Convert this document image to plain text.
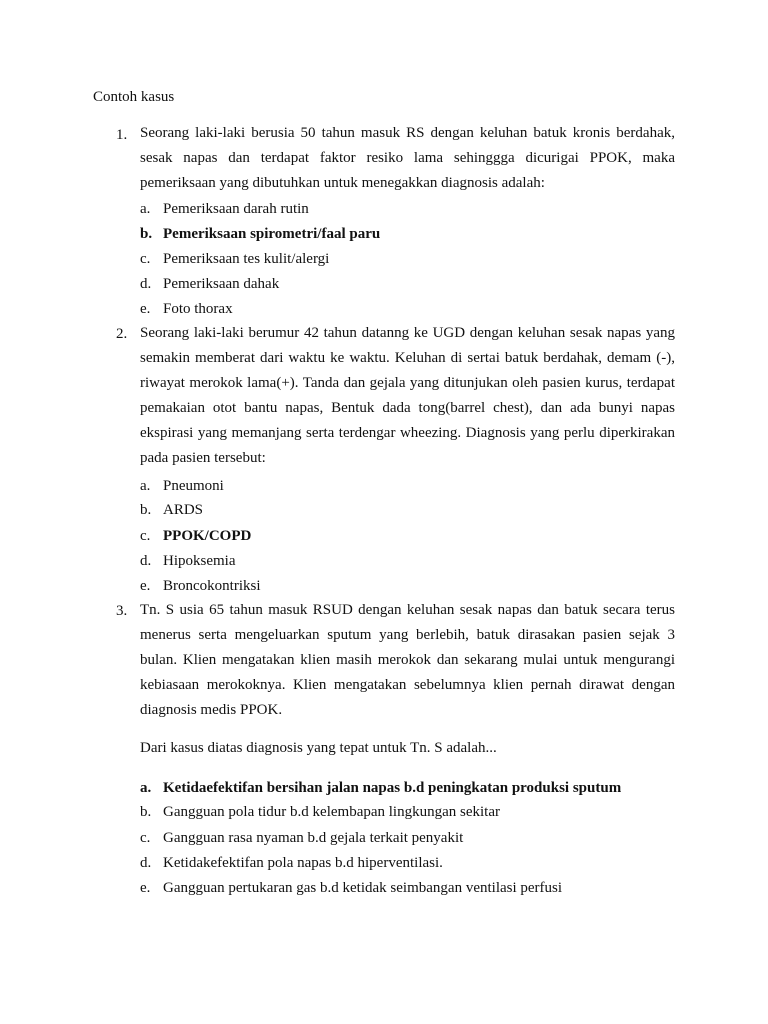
Contoh kasus
1. Seorang laki-laki berusia 50 tahun masuk RS dengan keluhan batuk kronis berdahak, sesak napas dan terdapat faktor resiko lama sehinggga dicurigai PPOK, maka pemeriksaan yang dibutuhkan untuk menegakkan diagnosis adalah:
a. Pemeriksaan darah rutin
b. Pemeriksaan spirometri/faal paru
c. Pemeriksaan tes kulit/alergi
d. Pemeriksaan dahak
e. Foto thorax
2. Seorang laki-laki berumur 42 tahun datanng ke UGD dengan keluhan sesak napas yang semakin memberat dari waktu ke waktu. Keluhan di sertai batuk berdahak, demam (-), riwayat merokok lama(+). Tanda dan gejala yang ditunjukan oleh pasien kurus, terdapat pemakaian otot bantu napas, Bentuk dada tong(barrel chest), dan ada bunyi napas ekspirasi yang memanjang serta terdengar wheezing. Diagnosis yang perlu diperkirakan pada pasien tersebut:
a. Pneumoni
b. ARDS
c. PPOK/COPD
d. Hipoksemia
e. Broncokontriksi
3. Tn. S usia 65 tahun masuk RSUD dengan keluhan sesak napas dan batuk secara terus menerus serta mengeluarkan sputum yang berlebih, batuk dirasakan pasien sejak 3 bulan. Klien mengatakan klien masih merokok dan sekarang mulai untuk mengurangi kebiasaan merokoknya. Klien mengatakan sebelumnya klien pernah dirawat dengan diagnosis medis PPOK.
Dari kasus diatas diagnosis yang tepat untuk Tn. S adalah...
a. Ketidaefektifan bersihan jalan napas b.d peningkatan produksi sputum
b. Gangguan pola tidur b.d kelembapan lingkungan sekitar
c. Gangguan rasa nyaman b.d gejala terkait penyakit
d. Ketidakefektifan pola napas b.d hiperventilasi.
e. Gangguan pertukaran gas b.d ketidak seimbangan ventilasi perfusi
